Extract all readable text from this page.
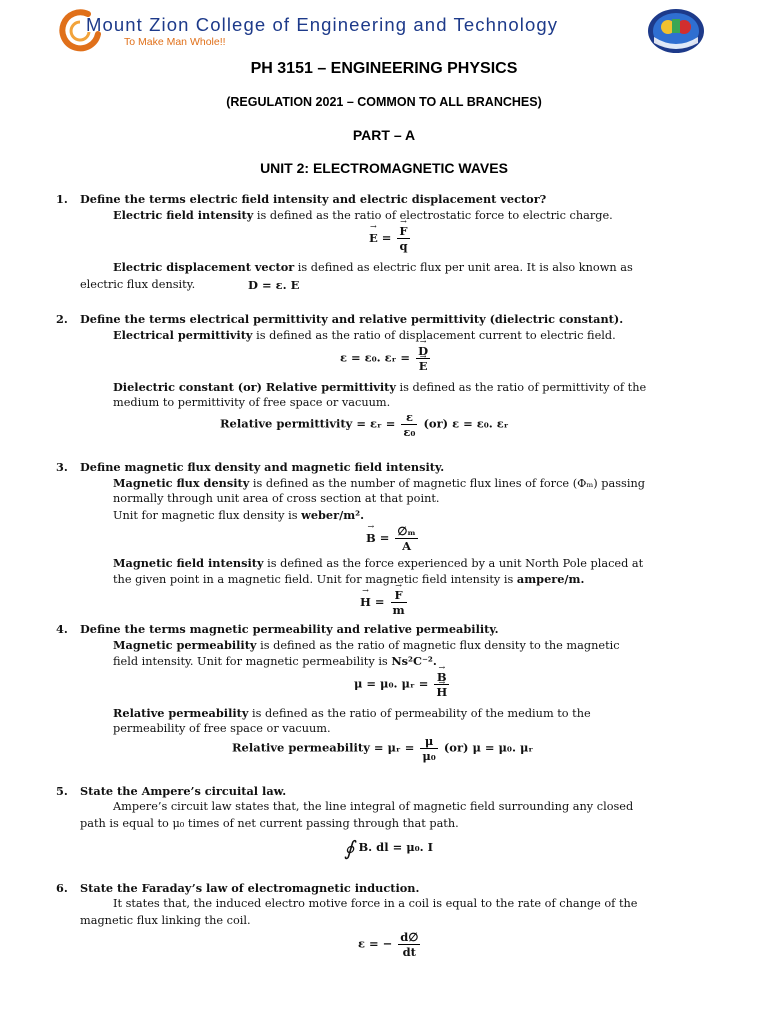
Mount Zion College of Engineering and Technology
To Make Man Whole!!
PH 3151 – ENGINEERING PHYSICS
(REGULATION 2021 – COMMON TO ALL BRANCHES)
PART – A
UNIT 2: ELECTROMAGNETIC WAVES
1. Define the terms electric field intensity and electric displacement vector?
Electric field intensity is defined as the ratio of electrostatic force to electric charge.
→ E = → $\frac{F}{q}$
Electric displacement vector is defined as electric flux per unit area. It is also known as
electric flux density.	D = ε. E
2. Define the terms electrical permittivity and relative permittivity (dielectric constant).
Electrical permittivity is defined as the ratio of displacement current to electric field.
ε = ε₀. εᵣ = → D
→ E
Dielectric constant (or) Relative permittivity is defined as the ratio of permittivity of the
medium to permittivity of free space or vacuum.
Relative permittivity = εᵣ = $\frac{\varepsilon}{\text{ε₀}} (or) \varepsilon = \varepsilon_0$. εᵣ
3. Define magnetic flux density and magnetic field intensity.
Magnetic flux density is defined as the number of magnetic flux lines of force (Φₘ) passing
normally through unit area of cross section at that point.
Unit for magnetic flux density is weber/m².
→ $B = \frac{\text{∅ₘ}}{A}$
Magnetic field intensity is defined as the force experienced by a unit North Pole placed at
the given point in a magnetic field. Unit for magnetic field intensity is ampere/m.
→ H = → $\frac{F}{m}$
4. Define the terms magnetic permeability and relative permeability.
Magnetic permeability is defined as the ratio of magnetic flux density to the magnetic
field intensity. Unit for magnetic permeability is Ns²C⁻².
μ = μ₀. μᵣ = → B
→ H
Relative permeability is defined as the ratio of permeability of the medium to the
permeability of free space or vacuum.
Relative permeability = μᵣ = $\frac{\mu}{\text{μ₀}} (or) \mu = \mu_0$. μᵣ
5. State the Ampere’s circuital law.
Ampere’s circuit law states that, the line integral of magnetic field surrounding any closed
path is equal to μ₀ times of net current passing through that path.
∮ B. dl = μ₀. I
6. State the Faraday’s law of electromagnetic induction.
It states that, the induced electro motive force in a coil is equal to the rate of change of the
magnetic flux linking the coil.
ε = − $\frac{d\emptyset}{dt}$
